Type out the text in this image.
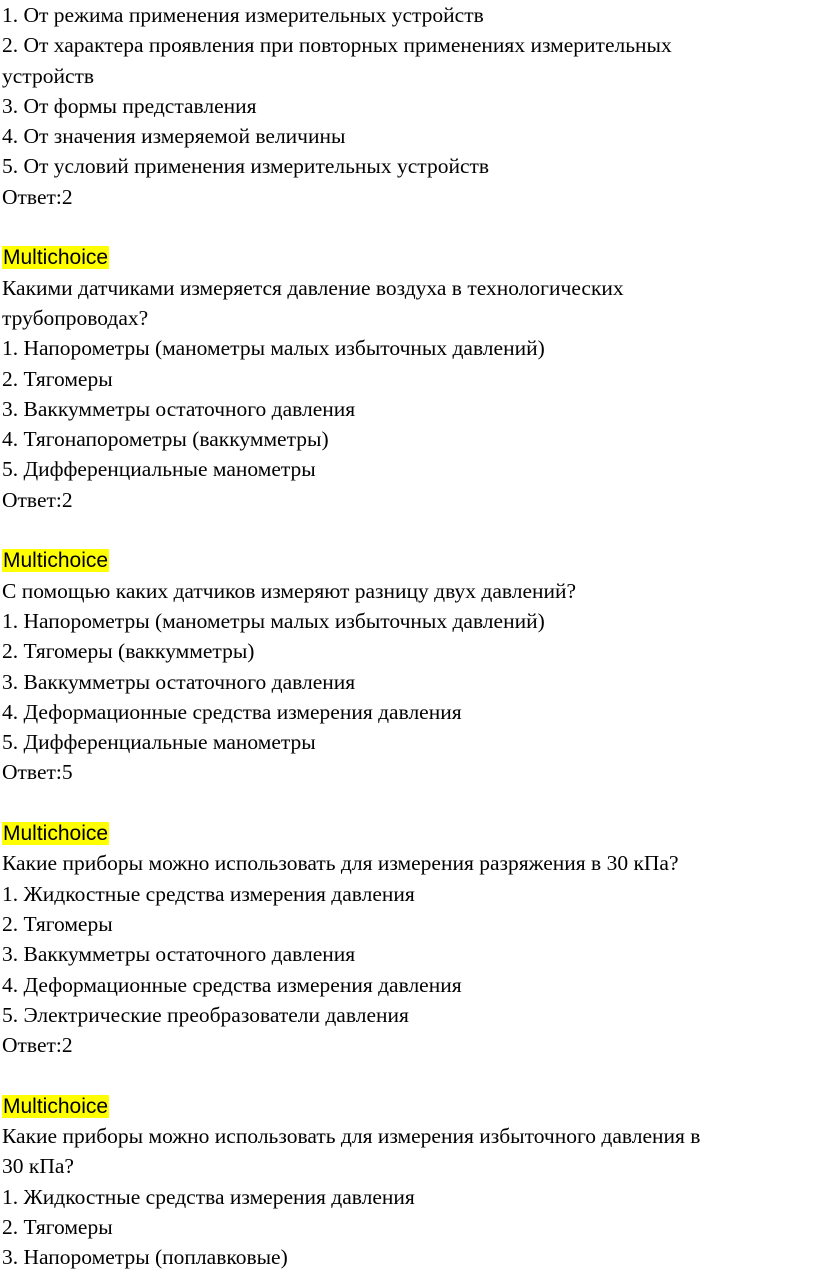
1. От режима применения измерительных устройств
2. От характера проявления при повторных применениях измерительных
устройств
3. От формы представления
4. От значения измеряемой величины
5. От условий применения измерительных устройств
Ответ:2
Multichoice
Какими датчиками измеряется давление воздуха в технологических
трубопроводах?
1. Напорометры (манометры малых избыточных давлений)
2. Тягомеры
3. Ваккумметры остаточного давления
4. Тягонапорометры (ваккумметры)
5. Дифференциальные манометры
Ответ:2
Multichoice
С помощью каких датчиков измеряют разницу двух давлений?
1. Напорометры (манометры малых избыточных давлений)
2. Тягомеры (ваккумметры)
3. Ваккумметры остаточного давления
4. Деформационные средства измерения давления
5. Дифференциальные манометры
Ответ:5
Multichoice
Какие приборы можно использовать для измерения разряжения в 30 кПа?
1. Жидкостные средства измерения давления
2. Тягомеры
3. Ваккумметры остаточного давления
4. Деформационные средства измерения давления
5. Электрические преобразователи давления
Ответ:2
Multichoice
Какие приборы можно использовать для измерения избыточного давления в
30 кПа?
1. Жидкостные средства измерения давления
2. Тягомеры
3. Напорометры (поплавковые)
